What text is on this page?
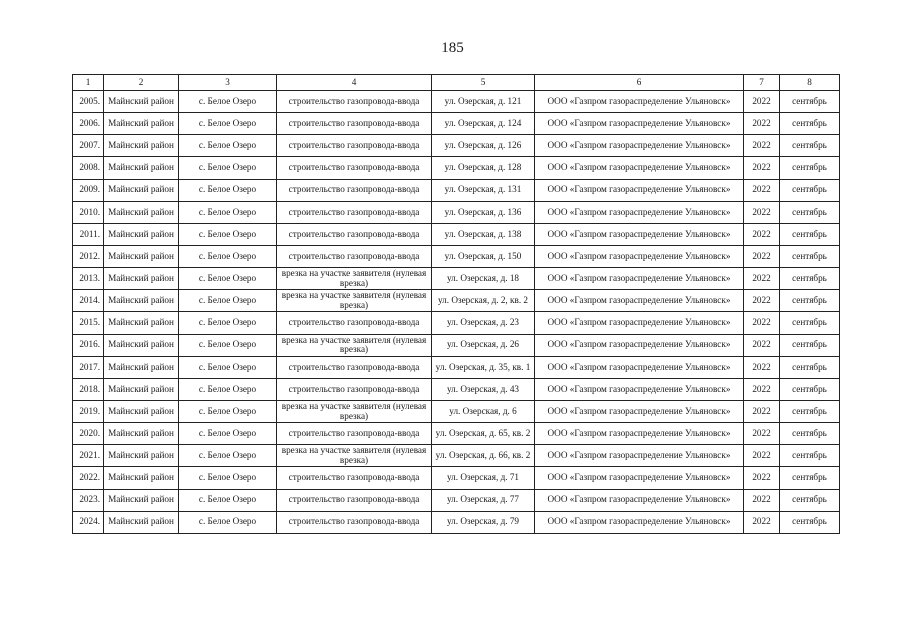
185
1	2	3	4	5	6	7	8
2005.	Майнский район	с. Белое Озеро	строительство газопровода-ввода	ул. Озерская, д. 121	ООО «Газпром газораспределение Ульяновск»	2022	сентябрь
2006.	Майнский район	с. Белое Озеро	строительство газопровода-ввода	ул. Озерская, д. 124	ООО «Газпром газораспределение Ульяновск»	2022	сентябрь
2007.	Майнский район	с. Белое Озеро	строительство газопровода-ввода	ул. Озерская, д. 126	ООО «Газпром газораспределение Ульяновск»	2022	сентябрь
2008.	Майнский район	с. Белое Озеро	строительство газопровода-ввода	ул. Озерская, д. 128	ООО «Газпром газораспределение Ульяновск»	2022	сентябрь
2009.	Майнский район	с. Белое Озеро	строительство газопровода-ввода	ул. Озерская, д. 131	ООО «Газпром газораспределение Ульяновск»	2022	сентябрь
2010.	Майнский район	с. Белое Озеро	строительство газопровода-ввода	ул. Озерская, д. 136	ООО «Газпром газораспределение Ульяновск»	2022	сентябрь
2011.	Майнский район	с. Белое Озеро	строительство газопровода-ввода	ул. Озерская, д. 138	ООО «Газпром газораспределение Ульяновск»	2022	сентябрь
2012.	Майнский район	с. Белое Озеро	строительство газопровода-ввода	ул. Озерская, д. 150	ООО «Газпром газораспределение Ульяновск»	2022	сентябрь
2013.	Майнский район	с. Белое Озеро	врезка на участке заявителя (нулевая врезка)	ул. Озерская, д. 18	ООО «Газпром газораспределение Ульяновск»	2022	сентябрь
2014.	Майнский район	с. Белое Озеро	врезка на участке заявителя (нулевая врезка)	ул. Озерская, д. 2, кв. 2	ООО «Газпром газораспределение Ульяновск»	2022	сентябрь
2015.	Майнский район	с. Белое Озеро	строительство газопровода-ввода	ул. Озерская, д. 23	ООО «Газпром газораспределение Ульяновск»	2022	сентябрь
2016.	Майнский район	с. Белое Озеро	врезка на участке заявителя (нулевая врезка)	ул. Озерская, д. 26	ООО «Газпром газораспределение Ульяновск»	2022	сентябрь
2017.	Майнский район	с. Белое Озеро	строительство газопровода-ввода	ул. Озерская, д. 35, кв. 1	ООО «Газпром газораспределение Ульяновск»	2022	сентябрь
2018.	Майнский район	с. Белое Озеро	строительство газопровода-ввода	ул. Озерская, д. 43	ООО «Газпром газораспределение Ульяновск»	2022	сентябрь
2019.	Майнский район	с. Белое Озеро	врезка на участке заявителя (нулевая врезка)	ул. Озерская, д. 6	ООО «Газпром газораспределение Ульяновск»	2022	сентябрь
2020.	Майнский район	с. Белое Озеро	строительство газопровода-ввода	ул. Озерская, д. 65, кв. 2	ООО «Газпром газораспределение Ульяновск»	2022	сентябрь
2021.	Майнский район	с. Белое Озеро	врезка на участке заявителя (нулевая врезка)	ул. Озерская, д. 66, кв. 2	ООО «Газпром газораспределение Ульяновск»	2022	сентябрь
2022.	Майнский район	с. Белое Озеро	строительство газопровода-ввода	ул. Озерская, д. 71	ООО «Газпром газораспределение Ульяновск»	2022	сентябрь
2023.	Майнский район	с. Белое Озеро	строительство газопровода-ввода	ул. Озерская, д. 77	ООО «Газпром газораспределение Ульяновск»	2022	сентябрь
2024.	Майнский район	с. Белое Озеро	строительство газопровода-ввода	ул. Озерская, д. 79	ООО «Газпром газораспределение Ульяновск»	2022	сентябрь
